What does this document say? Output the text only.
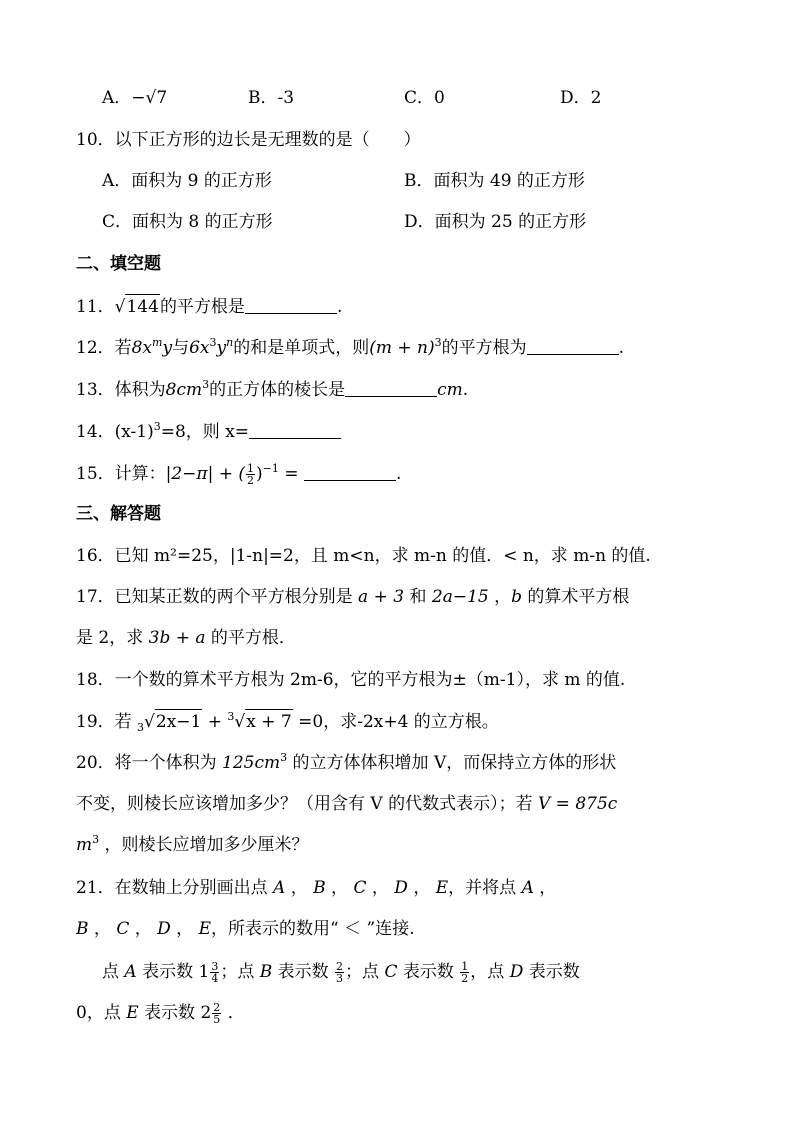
A．−√7	B．-3	C．0	D．2
10．以下正方形的边长是无理数的是（　　）
A．面积为 9 的正方形	B．面积为 49 的正方形
C．面积为 8 的正方形	D．面积为 25 的正方形
二、填空题
11．√144的平方根是	.
12．若$8x^my$与$6x^3y^n$的和是单项式，则$(m + n)^3$的平方根为	.
13．体积为$8cm^3$的正方体的棱长是	cm.
14．$(x-1)^3=8$，则 x=
15．计算：|2−π| + ( $\frac{1}{2} )^{-1}$ =	.
三、解答题
16．已知 m²=25，|1-n|=2，且 m<n，求 m-n 的值．< n，求 m-n 的值.
17．已知某正数的两个平方根分别是 a + 3 和 2a−15 ，b 的算术平方根
是 2，求 3b + a 的平方根．
18．一个数的算术平方根为 2m-6，它的平方根为±（m-1），求 m 的值.
19．若 $^3$√2x−1 + $^3$√x + 7 =0，求-2x+4 的立方根。
20．将一个体积为 $125cm^3$ 的立方体体积增加 V，而保持立方体的形状
不变，则棱长应该增加多少？（用含有 V 的代数式表示）；若 V = 875c
$m^3$ ，则棱长应增加多少厘米？
21．在数轴上分别画出点 A ， B ， C ， D ， E，并将点 A ，
B ， C ， D ， E，所表示的数用“ ＜ ”连接.
点 A 表示数 $1 \frac{3}{4}$ ；点 B 表示数 $\frac{2}{3}$ ；点 C 表示数 $\frac{1}{2}$ ，点 D 表示数
0，点 E 表示数 $2 \frac{2}{5}$ ．
